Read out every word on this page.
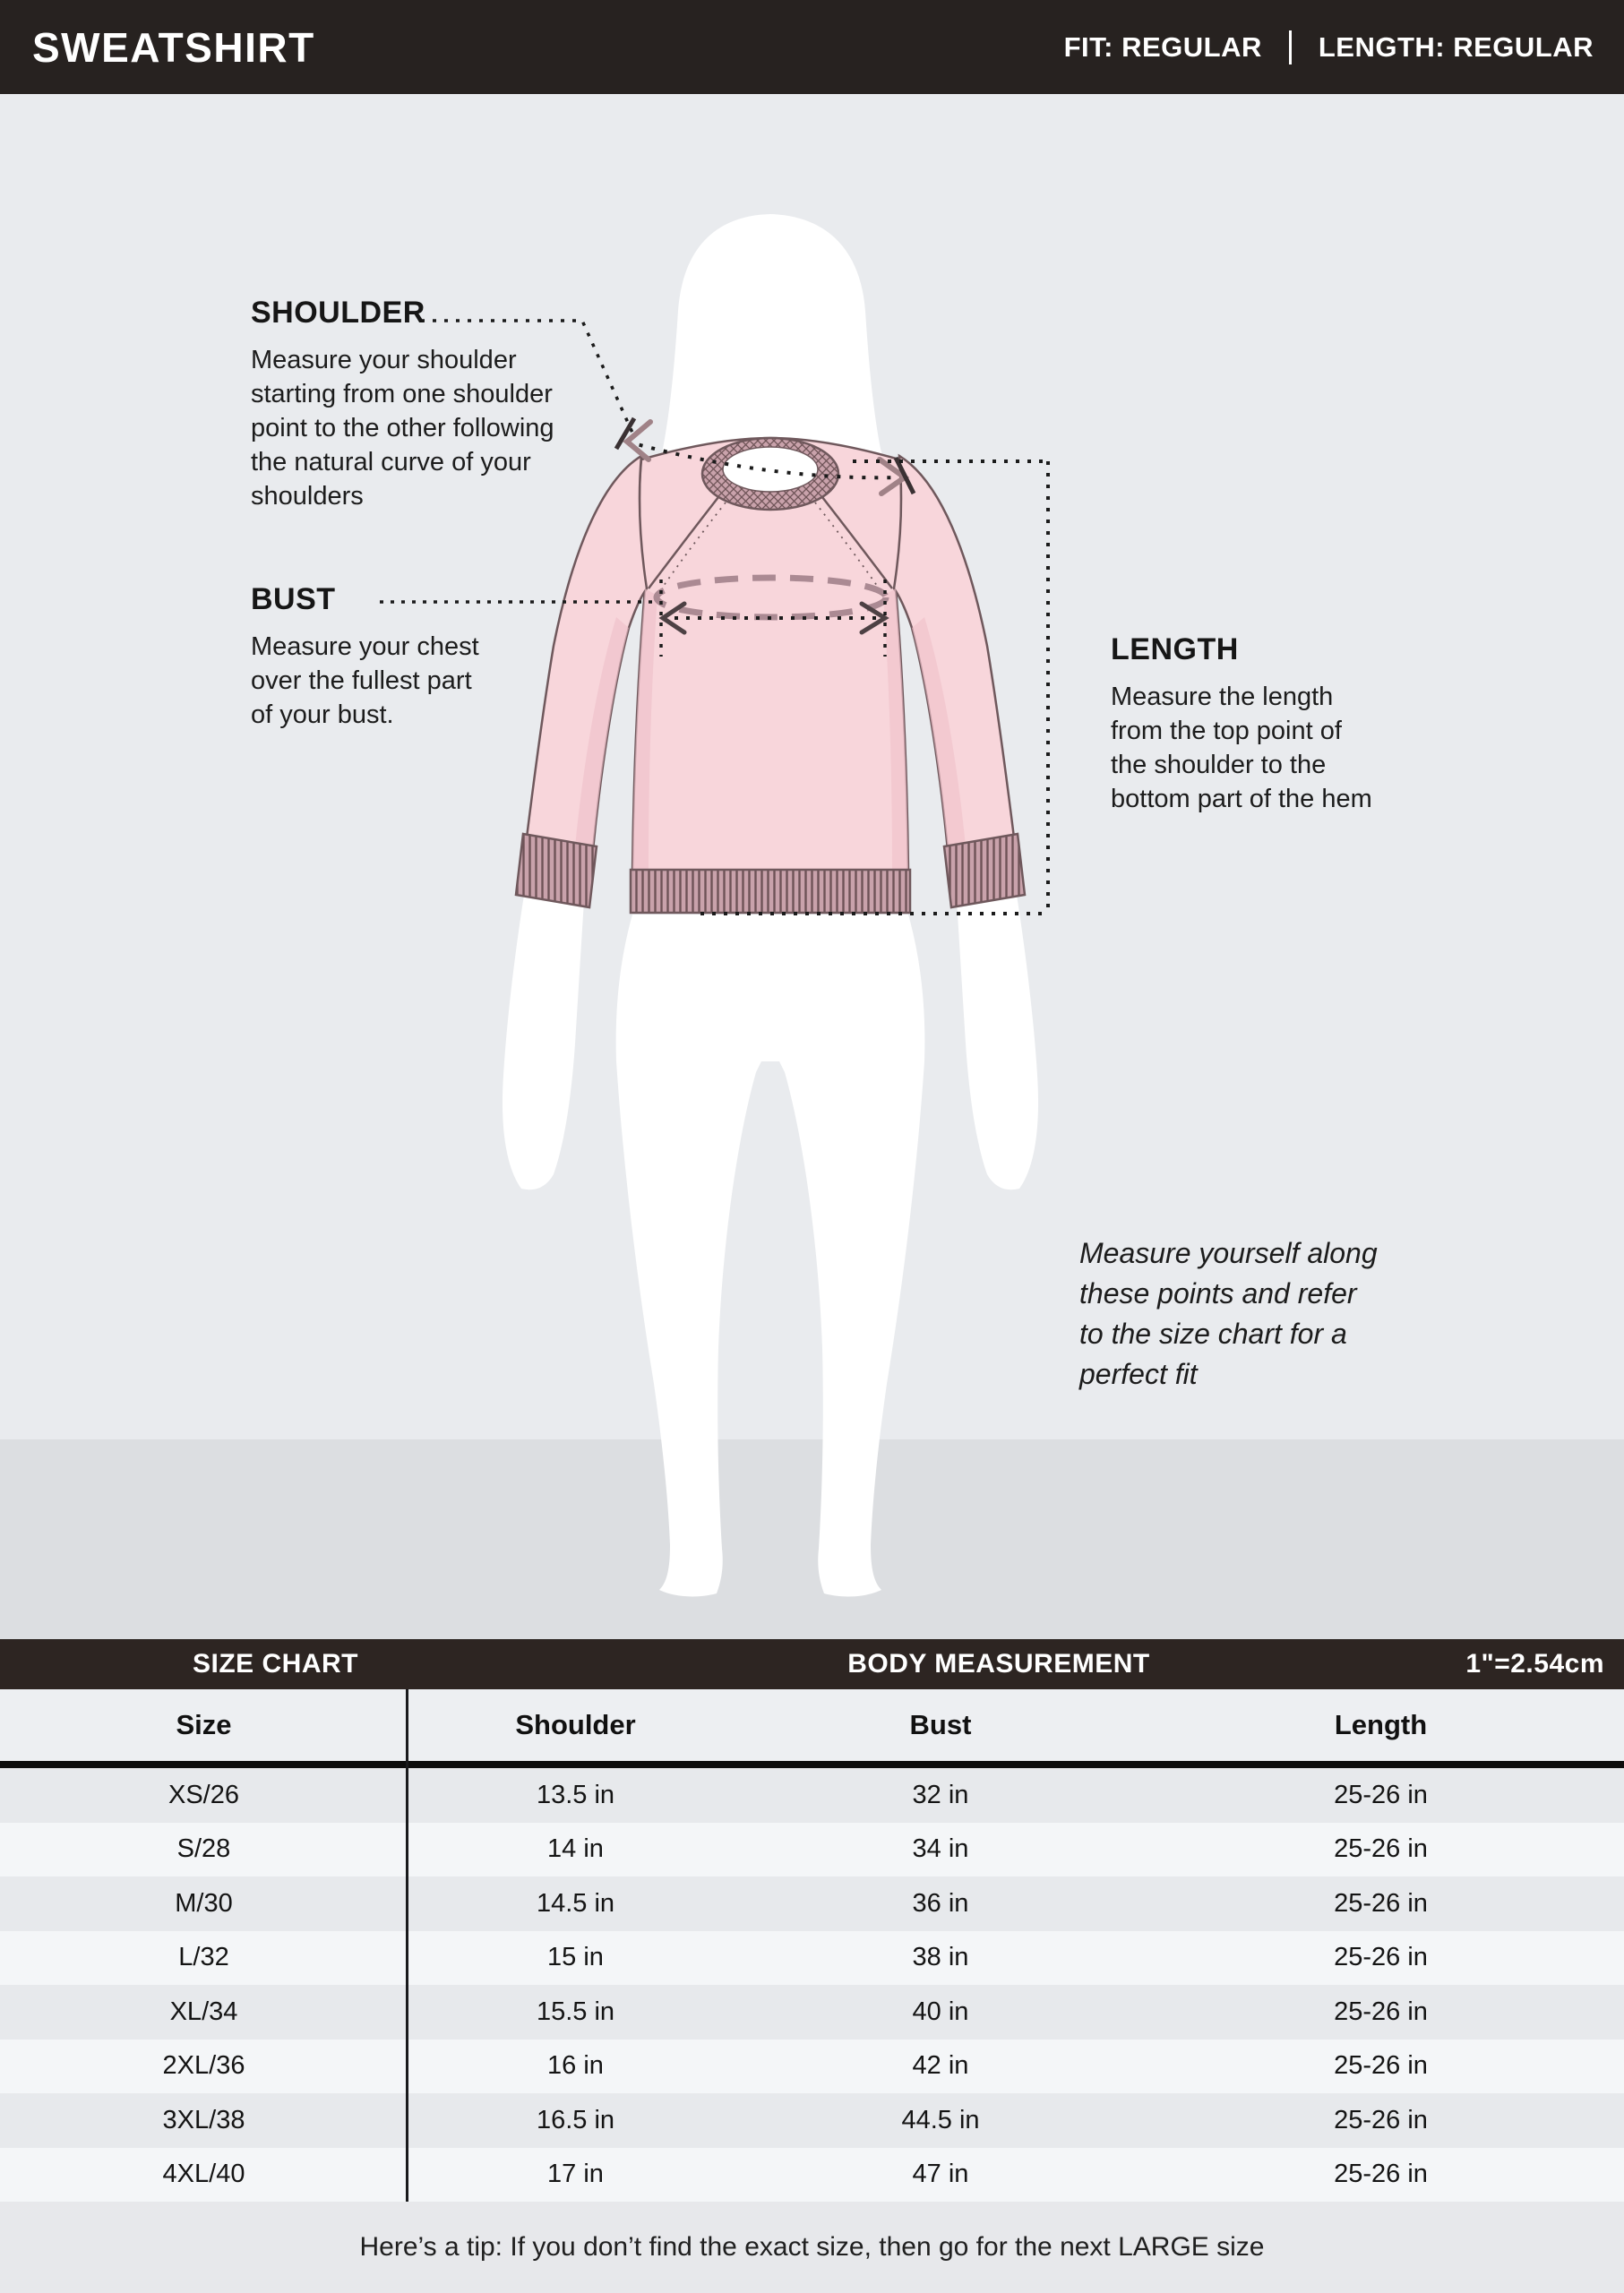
SWEATSHIRT	FIT: REGULAR LENGTH: REGULAR
SHOULDER
Measure your shoulder
starting from one shoulder
point to the other following
the natural curve of your
shoulders
BUST
Measure your chest
over the fullest part
of your bust.
LENGTH
Measure the length
from the top point of
the shoulder to the
bottom part of the hem
Measure yourself along
these points and refer
to the size chart for a
perfect fit
SIZE CHART	BODY MEASUREMENT	1"=2.54cm
Size	Shoulder	Bust	Length
XS/26	13.5 in	32 in	25-26 in
S/28	14 in	34 in	25-26 in
M/30	14.5 in	36 in	25-26 in
L/32	15 in	38 in	25-26 in
XL/34	15.5 in	40 in	25-26 in
2XL/36	16 in	42 in	25-26 in
3XL/38	16.5 in	44.5 in	25-26 in
4XL/40	17 in	47 in	25-26 in
Here’s a tip: If you don’t find the exact size, then go for the next LARGE size
